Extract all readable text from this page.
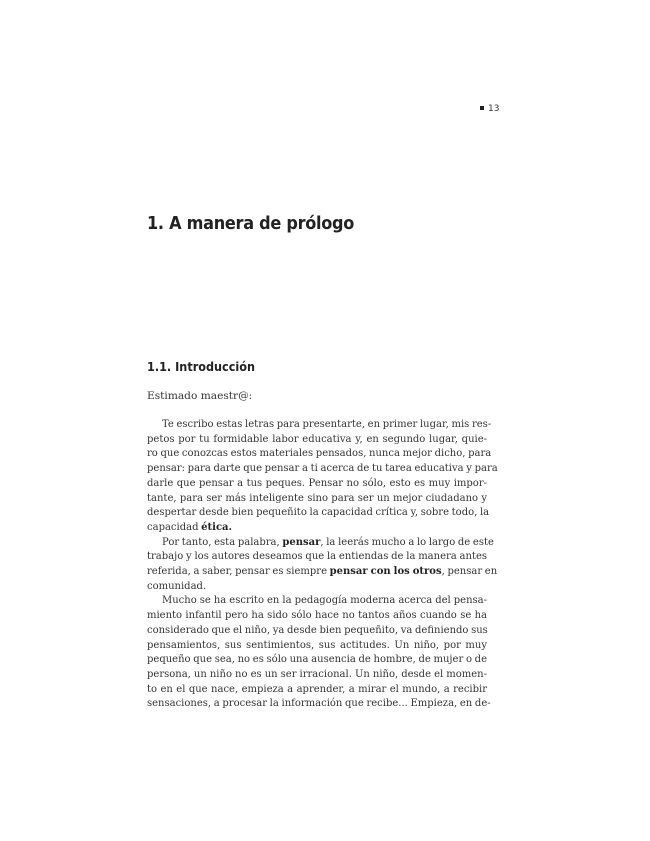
13
1. A manera de prólogo
1.1. Introducción

Estimado maestr@:

Te escribo estas letras para presentarte, en primer lugar, mis res-
petos por tu formidable labor educativa y, en segundo lugar, quie-
ro que conozcas estos materiales pensados, nunca mejor dicho, para
pensar: para darte que pensar a ti acerca de tu tarea educativa y para
darle que pensar a tus peques. Pensar no sólo, esto es muy impor-
tante, para ser más inteligente sino para ser un mejor ciudadano y
despertar desde bien pequeñito la capacidad crítica y, sobre todo, la
capacidad ética.
Por tanto, esta palabra, pensar, la leerás mucho a lo largo de este
trabajo y los autores deseamos que la entiendas de la manera antes
referida, a saber, pensar es siempre pensar con los otros, pensar en
comunidad.
Mucho se ha escrito en la pedagogía moderna acerca del pensa-
miento infantil pero ha sido sólo hace no tantos años cuando se ha
considerado que el niño, ya desde bien pequeñito, va definiendo sus
pensamientos, sus sentimientos, sus actitudes. Un niño, por muy
pequeño que sea, no es sólo una ausencia de hombre, de mujer o de
persona, un niño no es un ser irracional. Un niño, desde el momen-
to en el que nace, empieza a aprender, a mirar el mundo, a recibir
sensaciones, a procesar la información que recibe... Empieza, en de-
